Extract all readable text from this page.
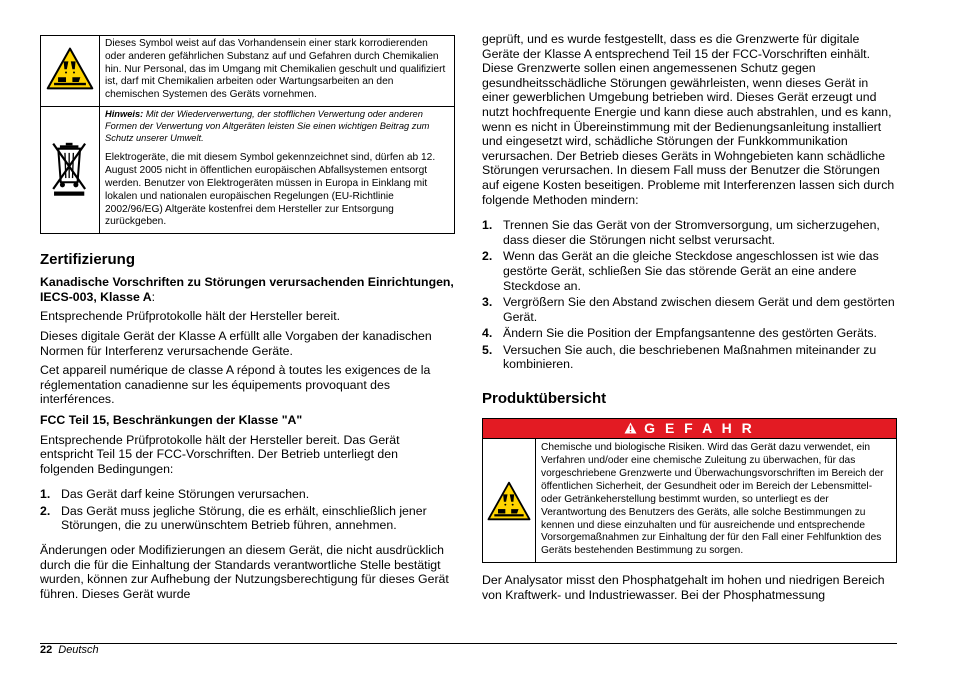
	Dieses Symbol weist auf das Vorhandensein einer stark korrodierenden oder anderen gefährlichen Substanz auf und Gefahren durch Chemikalien hin. Nur Personal, das im Umgang mit Chemikalien geschult und qualifiziert ist, darf mit Chemikalien arbeiten oder Wartungsarbeiten an den chemischen Systemen des Geräts vornehmen.

Hinweis: Mit der Wiederverwertung, der stofflichen Verwertung oder anderen Formen der Verwertung von Altgeräten leisten Sie einen wichtigen Beitrag zum Schutz unserer Umwelt.

Elektrogeräte, die mit diesem Symbol gekennzeichnet sind, dürfen ab 12. August 2005 nicht in öffentlichen europäischen Abfallsystemen entsorgt werden. Benutzer von Elektrogeräten müssen in Europa in Einklang mit lokalen und nationalen europäischen Regelungen (EU-Richtlinie 2002/96/EG) Altgeräte kostenfrei dem Hersteller zur Entsorgung zurückgeben.
Zertifizierung
Kanadische Vorschriften zu Störungen verursachenden Einrichtungen, IECS-003, Klasse A:

Entsprechende Prüfprotokolle hält der Hersteller bereit.

Dieses digitale Gerät der Klasse A erfüllt alle Vorgaben der kanadischen Normen für Interferenz verursachende Geräte.

Cet appareil numérique de classe A répond à toutes les exigences de la réglementation canadienne sur les équipements provoquant des interférences.

FCC Teil 15, Beschränkungen der Klasse "A"

Entsprechende Prüfprotokolle hält der Hersteller bereit. Das Gerät entspricht Teil 15 der FCC-Vorschriften. Der Betrieb unterliegt den folgenden Bedingungen:

1. Das Gerät darf keine Störungen verursachen.
2. Das Gerät muss jegliche Störung, die es erhält, einschließlich jener Störungen, die zu unerwünschtem Betrieb führen, annehmen.

Änderungen oder Modifizierungen an diesem Gerät, die nicht ausdrücklich durch die für die Einhaltung der Standards verantwortliche Stelle bestätigt wurden, können zur Aufhebung der Nutzungsberechtigung für dieses Gerät führen. Dieses Gerät wurde

geprüft, und es wurde festgestellt, dass es die Grenzwerte für digitale Geräte der Klasse A entsprechend Teil 15 der FCC-Vorschriften einhält. Diese Grenzwerte sollen einen angemessenen Schutz gegen gesundheitsschädliche Störungen gewährleisten, wenn dieses Gerät in einer gewerblichen Umgebung betrieben wird. Dieses Gerät erzeugt und nutzt hochfrequente Energie und kann diese auch abstrahlen, und es kann, wenn es nicht in Übereinstimmung mit der Bedienungsanleitung installiert und eingesetzt wird, schädliche Störungen der Funkkommunikation verursachen. Der Betrieb dieses Geräts in Wohngebieten kann schädliche Störungen verursachen. In diesem Fall muss der Benutzer die Störungen auf eigene Kosten beseitigen. Probleme mit Interferenzen lassen sich durch folgende Methoden mindern:

1. Trennen Sie das Gerät von der Stromversorgung, um sicherzugehen, dass dieser die Störungen nicht selbst verursacht.
2. Wenn das Gerät an die gleiche Steckdose angeschlossen ist wie das gestörte Gerät, schließen Sie das störende Gerät an eine andere Steckdose an.
3. Vergrößern Sie den Abstand zwischen diesem Gerät und dem gestörten Gerät.
4. Ändern Sie die Position der Empfangsantenne des gestörten Geräts.
5. Versuchen Sie auch, die beschriebenen Maßnahmen miteinander zu kombinieren.
Produktübersicht
G E F A H R
Chemische und biologische Risiken. Wird das Gerät dazu verwendet, ein Verfahren und/oder eine chemische Zuleitung zu überwachen, für das vorgeschriebene Grenzwerte und Überwachungsvorschriften im Bereich der öffentlichen Sicherheit, der Gesundheit oder im Bereich der Lebensmittel- oder Getränkeherstellung bestimmt wurden, so unterliegt es der Verantwortung des Benutzers des Geräts, alle solche Bestimmungen zu kennen und diese einzuhalten und für ausreichende und entsprechende Vorsorgemaßnahmen zur Einhaltung der für den Fall einer Fehlfunktion des Geräts bestehenden Bestimmung zu sorgen.

Der Analysator misst den Phosphatgehalt im hohen und niedrigen Bereich von Kraftwerk- und Industriewasser. Bei der Phosphatmessung

22 Deutsch
